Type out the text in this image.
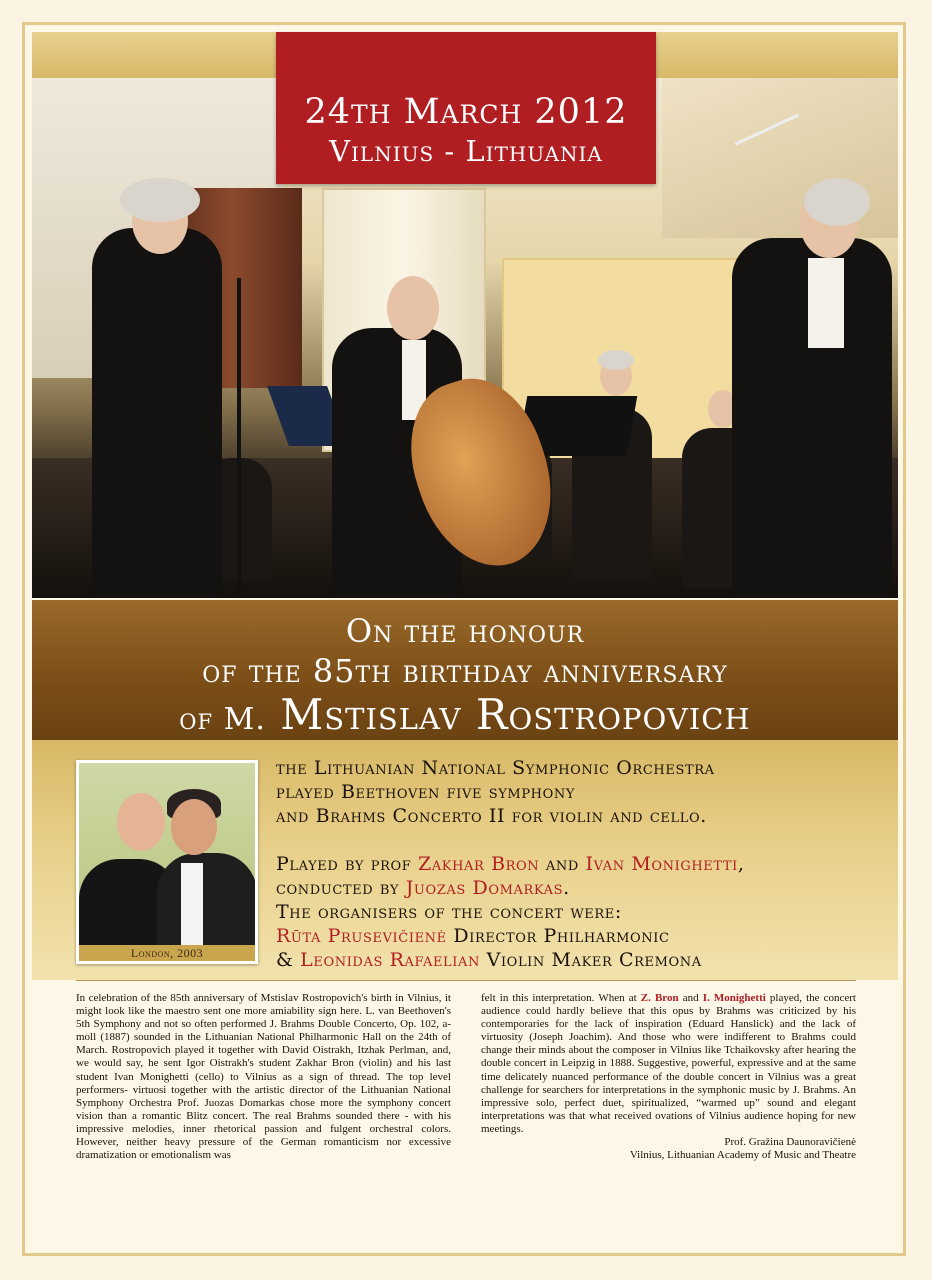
24th March 2012
Vilnius - Lithuania
On the honour
of the 85th birthday anniversary
of M. Mstislav Rostropovich
London, 2003

the Lithuanian National Symphonic Orchestra

played Beethoven five symphony

and Brahms Concerto II for violin and cello.

Played by prof Zakhar Bron and Ivan Monighetti,

conducted by Juozas Domarkas.

The organisers of the concert were:

Rūta Prusevičienė Director Philharmonic

& Leonidas Rafaelian Violin Maker Cremona

In celebration of the 85th anniversary of Mstislav Rostropovich's birth in Vilnius, it might look like the maestro sent one more amiability sign here. L. van Beethoven's 5th Symphony and not so often performed J. Brahms Double Concerto, Op. 102, a-moll (1887) sounded in the Lithuanian National Philharmonic Hall on the 24th of March. Rostropovich played it together with David Oistrakh, Itzhak Perlman, and, we would say, he sent Igor Oistrakh's student Zakhar Bron (violin) and his last student Ivan Monighetti (cello) to Vilnius as a sign of thread. The top level performers- virtuosi together with the artistic director of the Lithuanian National Symphony Orchestra Prof. Juozas Domarkas chose more the symphony concert vision than a romantic Blitz concert. The real Brahms sounded there - with his impressive melodies, inner rhetorical passion and fulgent orchestral colors. However, neither heavy pressure of the German romanticism nor excessive dramatization or emotionalism was
felt in this interpretation. When at Z. Bron and I. Monighetti played, the concert audience could hardly believe that this opus by Brahms was criticized by his contemporaries for the lack of inspiration (Eduard Hanslick) and the lack of virtuosity (Joseph Joachim). And those who were indifferent to Brahms could change their minds about the composer in Vilnius like Tchaikovsky after hearing the double concert in Leipzig in 1888. Suggestive, powerful, expressive and at the same time delicately nuanced performance of the double concert in Vilnius was a great challenge for searchers for interpretations in the symphonic music by J. Brahms. An impressive solo, perfect duet, spiritualized, “warmed up” sound and elegant interpretations was that what received ovations of Vilnius audience hoping for new meetings.
Prof. Gražina Daunoravičienė
Vilnius, Lithuanian Academy of Music and Theatre
